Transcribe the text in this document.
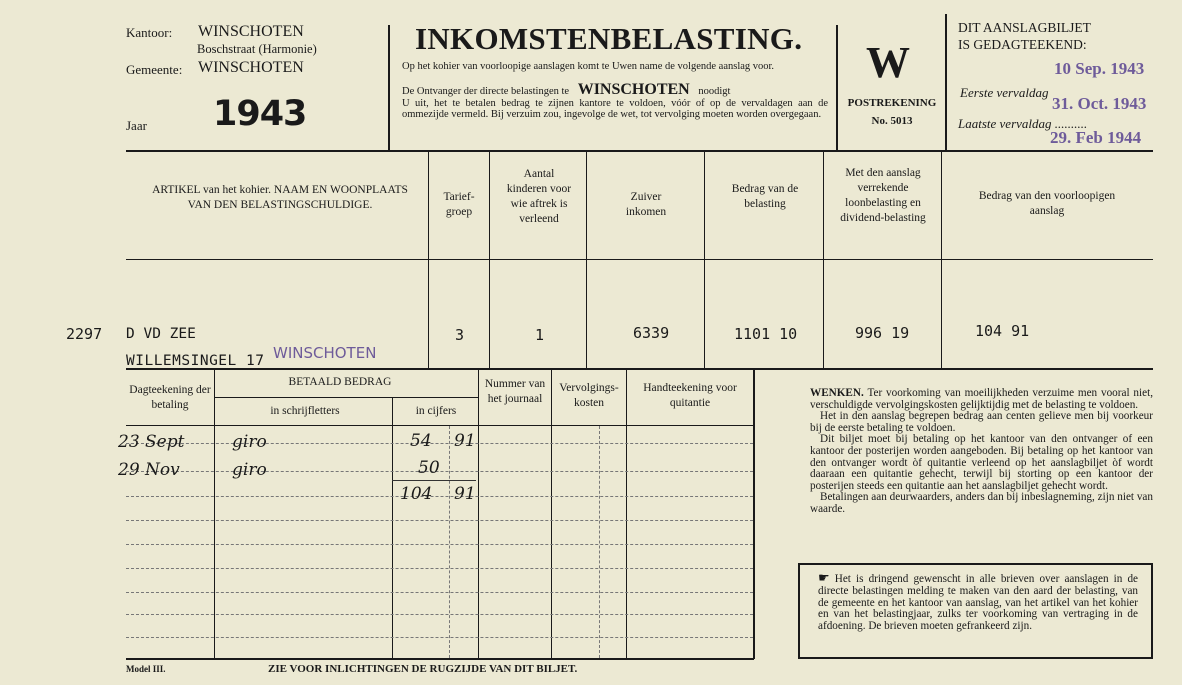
Kantoor: WINSCHOTEN
Boschstraat (Harmonie)
Gemeente: WINSCHOTEN
Jaar 1943
INKOMSTENBELASTING.
Op het kohier van voorloopige aanslagen komt te Uwen name de volgende aanslag voor.
De Ontvanger der directe belastingen te WINSCHOTEN noodigt
U uit, het te betalen bedrag te zijnen kantore te voldoen, vóór of op de vervaldagen aan de ommezijde vermeld. Bij verzuim zou, ingevolge de wet, tot vervolging moeten worden overgegaan.
W
POSTREKENING
No. 5013
DIT AANSLAGBILJET
IS GEDAGTEEKEND:
10 Sep. 1943
Eerste vervaldag
31. Oct. 1943
Laatste vervaldag ..........
29. Feb 1944
ARTIKEL van het kohier. NAAM EN WOONPLAATS VAN DEN BELASTINGSCHULDIGE.
Tarief-groep
Aantal kinderen voor wie aftrek is verleend
Zuiver inkomen
Bedrag van de belasting
Met den aanslag verrekende loonbelasting en dividend-belasting
Bedrag van den voorloopigen aanslag
2297 D VD ZEE
WILLEMSINGEL 17 WINSCHOTEN
3	1	6339	1101 10	996 19	104 91
Dagteekening der betaling
BETAALD BEDRAG
in schrijfletters	in cijfers
Nummer van het journaal
Vervolgings-kosten
Handteekening voor quitantie
23 Sept	giro	54 91
29 Nov	giro	50
104 91
WENKEN. Ter voorkoming van moeilijkheden verzuime men vooral niet, verschuldigde vervolgingskosten gelijktijdig met de belasting te voldoen.
Het in den aanslag begrepen bedrag aan centen gelieve men bij voorkeur bij de eerste betaling te voldoen.
Dit biljet moet bij betaling op het kantoor van den ontvanger of een kantoor der posterijen worden aangeboden. Bij betaling op het kantoor van den ontvanger wordt òf quitantie verleend op het aanslagbiljet òf wordt daaraan een quitantie gehecht, terwijl bij storting op een kantoor der posterijen steeds een quitantie aan het aanslagbiljet gehecht wordt.
Betalingen aan deurwaarders, anders dan bij inbeslagneming, zijn niet van waarde.
☛ Het is dringend gewenscht in alle brieven over aanslagen in de directe belastingen melding te maken van den aard der belasting, van de gemeente en het kantoor van aanslag, van het artikel van het kohier en van het belastingjaar, zulks ter voorkoming van vertraging in de afdoening. De brieven moeten gefrankeerd zijn.
Model III.	ZIE VOOR INLICHTINGEN DE RUGZIJDE VAN DIT BILJET.
